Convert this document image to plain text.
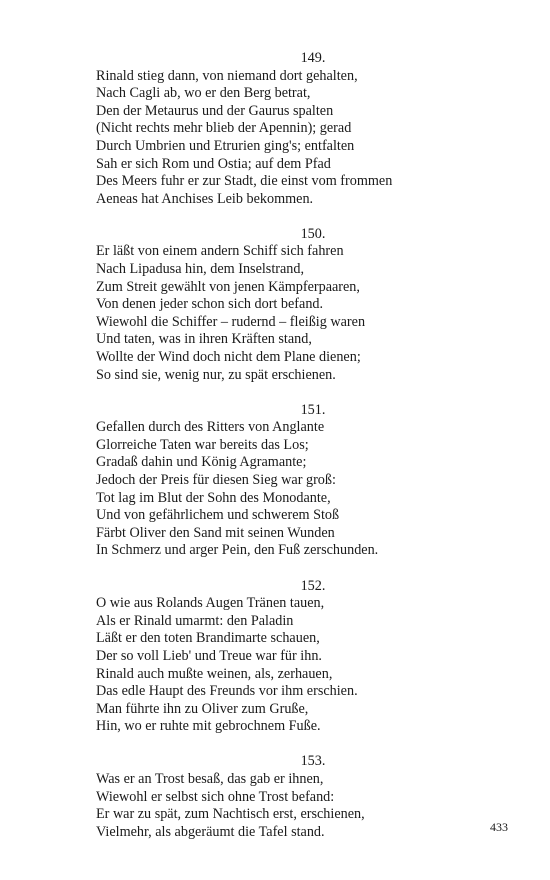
149.

Rinald stieg dann, von niemand dort gehalten,

Nach Cagli ab, wo er den Berg betrat,

Den der Metaurus und der Gaurus spalten

(Nicht rechts mehr blieb der Apennin); gerad

Durch Umbrien und Etrurien ging's; entfalten

Sah er sich Rom und Ostia; auf dem Pfad

Des Meers fuhr er zur Stadt, die einst vom frommen

Aeneas hat Anchises Leib bekommen.

150.

Er läßt von einem andern Schiff sich fahren

Nach Lipadusa hin, dem Inselstrand,

Zum Streit gewählt von jenen Kämpferpaaren,

Von denen jeder schon sich dort befand.

Wiewohl die Schiffer – rudernd – fleißig waren

Und taten, was in ihren Kräften stand,

Wollte der Wind doch nicht dem Plane dienen;

So sind sie, wenig nur, zu spät erschienen.

151.

Gefallen durch des Ritters von Anglante

Glorreiche Taten war bereits das Los;

Gradaß dahin und König Agramante;

Jedoch der Preis für diesen Sieg war groß:

Tot lag im Blut der Sohn des Monodante,

Und von gefährlichem und schwerem Stoß

Färbt Oliver den Sand mit seinen Wunden

In Schmerz und arger Pein, den Fuß zerschunden.

152.

O wie aus Rolands Augen Tränen tauen,

Als er Rinald umarmt: den Paladin

Läßt er den toten Brandimarte schauen,

Der so voll Lieb' und Treue war für ihn.

Rinald auch mußte weinen, als, zerhauen,

Das edle Haupt des Freunds vor ihm erschien.

Man führte ihn zu Oliver zum Gruße,

Hin, wo er ruhte mit gebrochnem Fuße.

153.

Was er an Trost besaß, das gab er ihnen,

Wiewohl er selbst sich ohne Trost befand:

Er war zu spät, zum Nachtisch erst, erschienen,

Vielmehr, als abgeräumt die Tafel stand.	433
